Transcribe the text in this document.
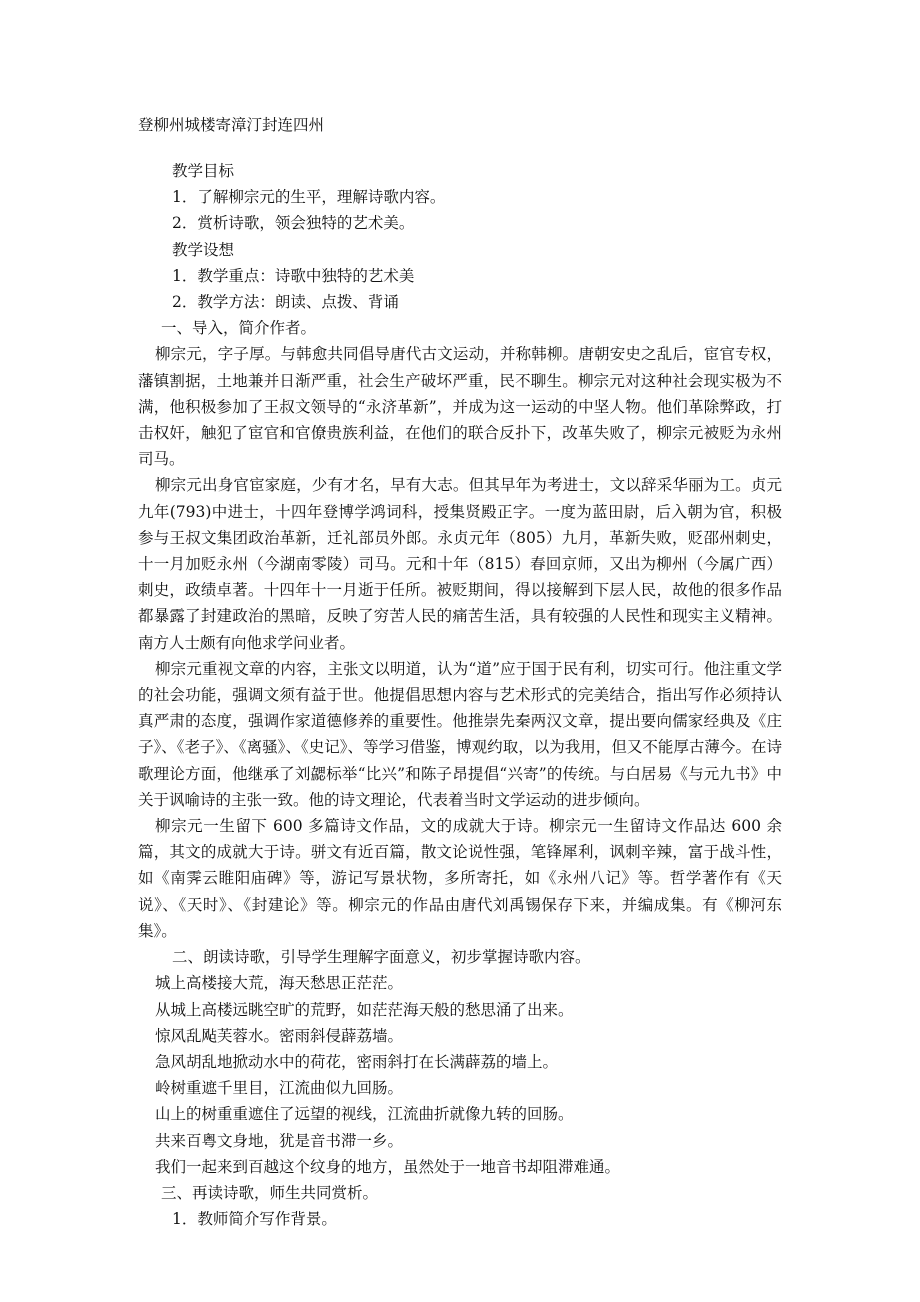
登柳州城楼寄漳汀封连四州
教学目标
1．了解柳宗元的生平，理解诗歌内容。
2．赏析诗歌，领会独特的艺术美。
教学设想
1．教学重点：诗歌中独特的艺术美
2．教学方法：朗读、点拨、背诵
一、导入，简介作者。

柳宗元，字子厚。与韩愈共同倡导唐代古文运动，并称韩柳。唐朝安史之乱后，宦官专权，藩镇割据，土地兼并日渐严重，社会生产破坏严重，民不聊生。柳宗元对这种社会现实极为不满，他积极参加了王叔文领导的“永济革新”，并成为这一运动的中坚人物。他们革除弊政，打击权奸，触犯了宦官和官僚贵族利益，在他们的联合反扑下，改革失败了，柳宗元被贬为永州司马。

柳宗元出身官宦家庭，少有才名，早有大志。但其早年为考进士，文以辞采华丽为工。贞元九年(793)中进士，十四年登博学鸿词科，授集贤殿正字。一度为蓝田尉，后入朝为官，积极参与王叔文集团政治革新，迁礼部员外郎。永贞元年（805）九月，革新失败，贬邵州刺史，十一月加贬永州（今湖南零陵）司马。元和十年（815）春回京师，又出为柳州（今属广西）刺史，政绩卓著。十四年十一月逝于任所。被贬期间，得以接解到下层人民，故他的很多作品都暴露了封建政治的黑暗，反映了穷苦人民的痛苦生活，具有较强的人民性和现实主义精神。南方人士颇有向他求学问业者。

柳宗元重视文章的内容，主张文以明道，认为“道”应于国于民有利，切实可行。他注重文学的社会功能，强调文须有益于世。他提倡思想内容与艺术形式的完美结合，指出写作必须持认真严肃的态度，强调作家道德修养的重要性。他推崇先秦两汉文章，提出要向儒家经典及《庄子》、《老子》、《离骚》、《史记》、等学习借鉴，博观约取，以为我用，但又不能厚古薄今。在诗歌理论方面，他继承了刘勰标举“比兴”和陈子昂提倡“兴寄”的传统。与白居易《与元九书》中关于讽喻诗的主张一致。他的诗文理论，代表着当时文学运动的进步倾向。

柳宗元一生留下 600 多篇诗文作品，文的成就大于诗。柳宗元一生留诗文作品达 600 余篇，其文的成就大于诗。骈文有近百篇，散文论说性强，笔锋犀利，讽刺辛辣，富于战斗性，如《南霁云睢阳庙碑》等，游记写景状物，多所寄托，如《永州八记》等。哲学著作有《天说》、《天时》、《封建论》等。柳宗元的作品由唐代刘禹锡保存下来，并编成集。有《柳河东集》。

二、朗读诗歌，引导学生理解字面意义，初步掌握诗歌内容。
城上高楼接大荒，海天愁思正茫茫。
从城上高楼远眺空旷的荒野，如茫茫海天般的愁思涌了出来。
惊风乱飐芙蓉水。密雨斜侵薜荔墙。
急风胡乱地掀动水中的荷花，密雨斜打在长满薜荔的墙上。
岭树重遮千里目，江流曲似九回肠。
山上的树重重遮住了远望的视线，江流曲折就像九转的回肠。
共来百粤文身地，犹是音书滞一乡。
我们一起来到百越这个纹身的地方，虽然处于一地音书却阻滞难通。
三、再读诗歌，师生共同赏析。
1．教师简介写作背景。
